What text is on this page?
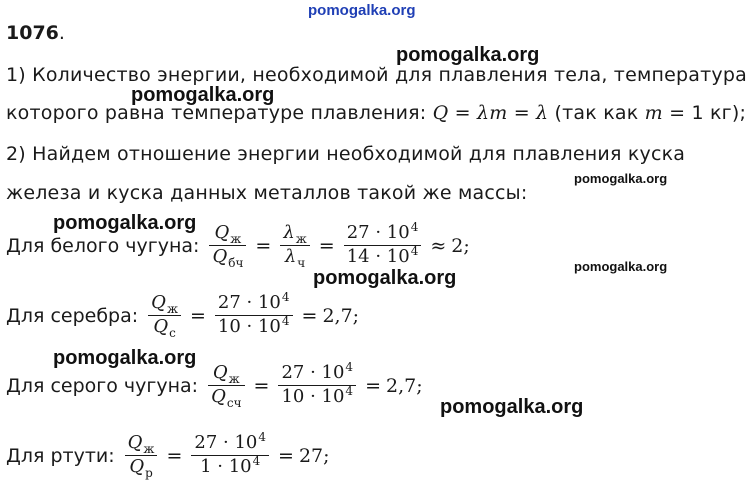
pomogalka.org
pomogalka.org
pomogalka.org
pomogalka.org
pomogalka.org
pomogalka.org
pomogalka.org
pomogalka.org
pomogalka.org
1076.
1) Количество энергии, необходимой для плавления тела, температура
которого равна температуре плавления: Q = λm = λ (так как m = 1 кг);
2) Найдем отношение энергии необходимой для плавления куска
железа и куска данных металлов такой же массы:
Для белого чугуна: $\frac{Q_ж}{Q_{бч}} = \frac{\lambda_ж}{\lambda_ч} = \frac{27 \cdot 10^4}{14 \cdot 10^4} \approx 2$;
Для серебра: $\frac{Q_ж}{Q_с} = \frac{27 \cdot 10^4}{10 \cdot 10^4} = 2,7$;
Для серого чугуна: $\frac{Q_ж}{Q_{сч}} = \frac{27 \cdot 10^4}{10 \cdot 10^4} = 2,7$;
Для ртути: $\frac{Q_ж}{Q_р} = \frac{27 \cdot 10^4}{1 \cdot 10^4} = 27$;
